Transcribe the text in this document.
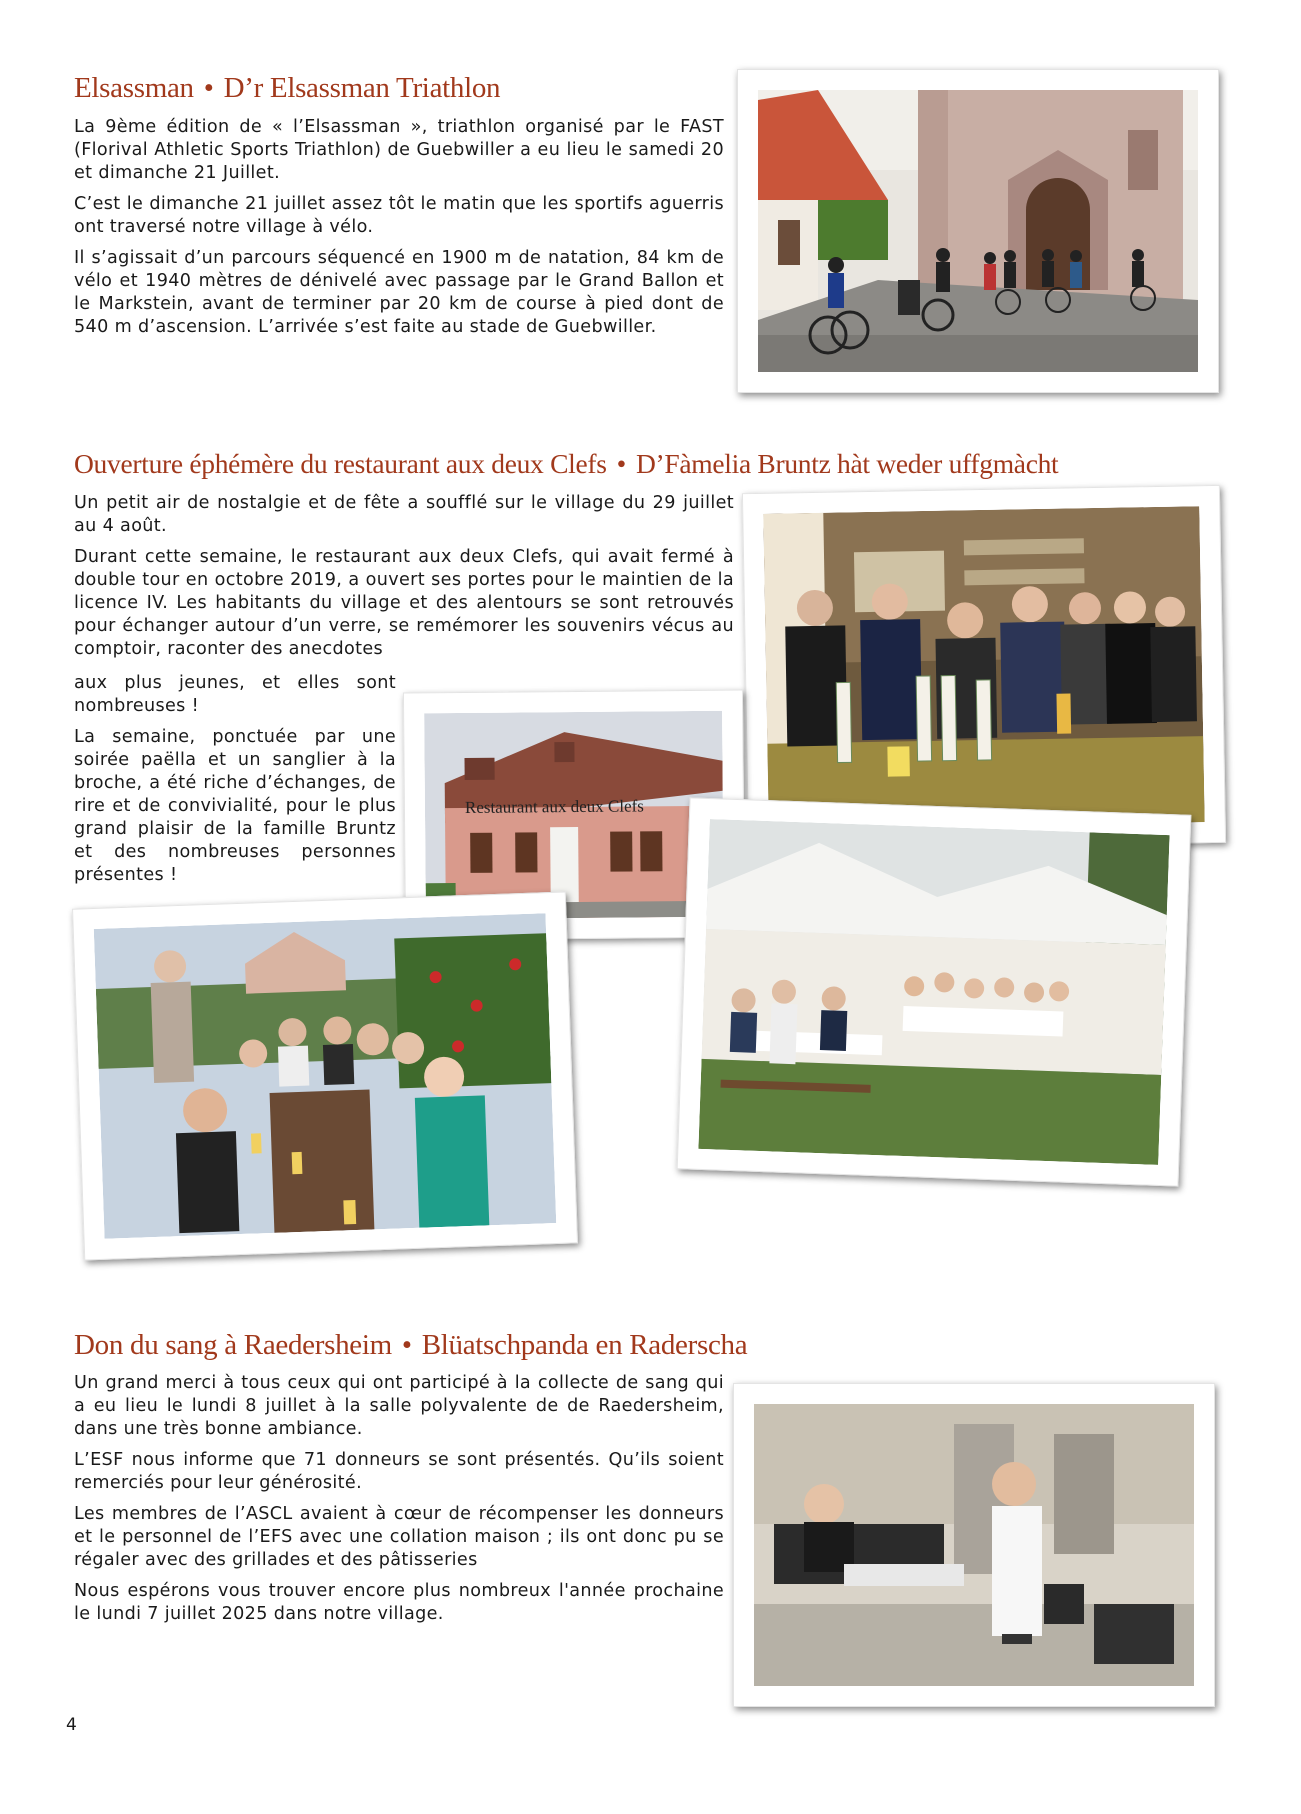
Elsassman • D’r Elsassman Triathlon

La 9ème édition de « l’Elsassman », triathlon organisé par le FAST (Florival Athletic Sports Triathlon) de Guebwiller a eu lieu le samedi 20 et dimanche 21 Juillet.

C’est le dimanche 21 juillet assez tôt le matin que les sportifs aguerris ont traversé notre village à vélo.

Il s’agissait d’un parcours séquencé en 1900 m de natation, 84 km de vélo et 1940 mètres de dénivelé avec passage par le Grand Ballon et le Markstein, avant de terminer par 20 km de course à pied dont de 540 m d’ascension. L’arrivée s’est faite au stade de Guebwiller.

Ouverture éphémère du restaurant aux deux Clefs • D’Fàmelia Bruntz hàt weder uffgmàcht

Un petit air de nostalgie et de fête a soufflé sur le village du 29 juillet au 4 août.

Durant cette semaine, le restaurant aux deux Clefs, qui avait fermé à double tour en octobre 2019, a ouvert ses portes pour le maintien de la licence IV. Les habitants du village et des alentours se sont retrouvés pour échanger autour d’un verre, se remémorer les souvenirs vécus au comptoir, raconter des anecdotes

aux plus jeunes, et elles sont nombreuses !

La semaine, ponctuée par une soirée paëlla et un sanglier à la broche, a été riche d’échanges, de rire et de convivialité, pour le plus grand plaisir de la famille Bruntz et des nombreuses personnes présentes !

Restaurant aux deux Clefs
Don du sang à Raedersheim • Blüatschpanda en Raderscha

Un grand merci à tous ceux qui ont participé à la collecte de sang qui a eu lieu le lundi 8 juillet à la salle polyvalente de de Raedersheim, dans une très bonne ambiance.

L’ESF nous informe que 71 donneurs se sont présentés. Qu’ils soient remerciés pour leur générosité.

Les membres de l’ASCL avaient à cœur de récompenser les donneurs et le personnel de l’EFS avec une collation maison ; ils ont donc pu se régaler avec des grillades et des pâtisseries

Nous espérons vous trouver encore plus nombreux l'année prochaine le lundi 7 juillet 2025 dans notre village.

4
